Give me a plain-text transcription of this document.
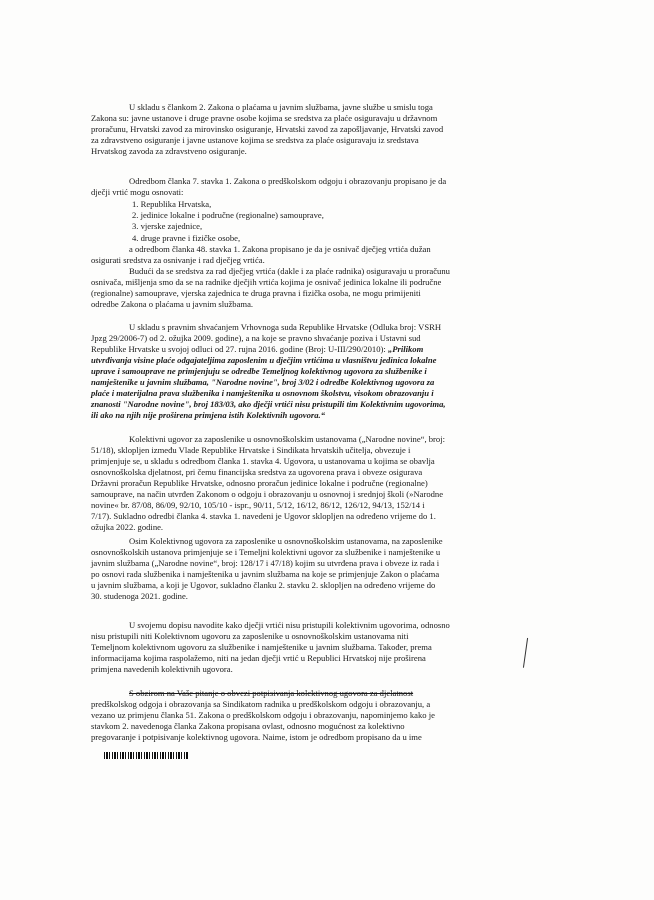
U skladu s člankom 2. Zakona o plaćama u javnim službama, javne službe u smislu toga
Zakona su: javne ustanove i druge pravne osobe kojima se sredstva za plaće osiguravaju u državnom
proračunu, Hrvatski zavod za mirovinsko osiguranje, Hrvatski zavod za zapošljavanje, Hrvatski zavod
za zdravstveno osiguranje i javne ustanove kojima se sredstva za plaće osiguravaju iz sredstava
Hrvatskog zavoda za zdravstveno osiguranje.
Odredbom članka 7. stavka 1. Zakona o predškolskom odgoju i obrazovanju propisano je da
dječji vrtić mogu osnovati:
1. Republika Hrvatska,
2. jedinice lokalne i područne (regionalne) samouprave,
3. vjerske zajednice,
4. druge pravne i fizičke osobe,
a odredbom članka 48. stavka 1. Zakona propisano je da je osnivač dječjeg vrtića dužan
osigurati sredstva za osnivanje i rad dječjeg vrtića.
Budući da se sredstva za rad dječjeg vrtića (dakle i za plaće radnika) osiguravaju u proračunu
osnivača, mišljenja smo da se na radnike dječjih vrtića kojima je osnivač jedinica lokalne ili područne
(regionalne) samouprave, vjerska zajednica te druga pravna i fizička osoba, ne mogu primijeniti
odredbe Zakona o plaćama u javnim službama.
U skladu s pravnim shvaćanjem Vrhovnoga suda Republike Hrvatske (Odluka broj: VSRH
Jpzg 29/2006-7) od 2. ožujka 2009. godine), a na koje se pravno shvaćanje poziva i Ustavni sud
Republike Hrvatske u svojoj odluci od 27. rujna 2016. godine (Broj: U-III/290/2010): „Prilikom
utvrđivanja visine plaće odgajateljima zaposlenim u dječjim vrtićima u vlasništvu jedinica lokalne
uprave i samouprave ne primjenjuju se odredbe Temeljnog kolektivnog ugovora za službenike i
namještenike u javnim službama, "Narodne novine", broj 3/02 i odredbe Kolektivnog ugovora za
plaće i materijalna prava službenika i namještenika u osnovnom školstvu, visokom obrazovanju i
znanosti "Narodne novine", broj 183/03, ako dječji vrtići nisu pristupili tim Kolektivnim ugovorima,
ili ako na njih nije proširena primjena istih Kolektivnih ugovora.“
Kolektivni ugovor za zaposlenike u osnovnoškolskim ustanovama („Narodne novine“, broj:
51/18), sklopljen između Vlade Republike Hrvatske i Sindikata hrvatskih učitelja, obvezuje i
primjenjuje se, u skladu s odredbom članka 1. stavka 4. Ugovora, u ustanovama u kojima se obavlja
osnovnoškolska djelatnost, pri čemu financijska sredstva za ugovorena prava i obveze osigurava
Državni proračun Republike Hrvatske, odnosno proračun jedinice lokalne i područne (regionalne)
samouprave, na način utvrđen Zakonom o odgoju i obrazovanju u osnovnoj i srednjoj školi (»Narodne
novine« br. 87/08, 86/09, 92/10, 105/10 - ispr., 90/11, 5/12, 16/12, 86/12, 126/12, 94/13, 152/14 i
7/17). Sukladno odredbi članka 4. stavka 1. navedeni je Ugovor sklopljen na određeno vrijeme do 1.
ožujka 2022. godine.
Osim Kolektivnog ugovora za zaposlenike u osnovnoškolskim ustanovama, na zaposlenike
osnovnoškolskih ustanova primjenjuje se i Temeljni kolektivni ugovor za službenike i namještenike u
javnim službama („Narodne novine“, broj: 128/17 i 47/18) kojim su utvrđena prava i obveze iz rada i
po osnovi rada službenika i namještenika u javnim službama na koje se primjenjuje Zakon o plaćama
u javnim službama, a koji je Ugovor, sukladno članku 2. stavku 2. sklopljen na određeno vrijeme do
30. studenoga 2021. godine.
U svojemu dopisu navodite kako dječji vrtići nisu pristupili kolektivnim ugovorima, odnosno
nisu pristupili niti Kolektivnom ugovoru za zaposlenike u osnovnoškolskim ustanovama niti
Temeljnom kolektivnom ugovoru za službenike i namještenike u javnim službama. Također, prema
informacijama kojima raspolažemo, niti na jedan dječji vrtić u Republici Hrvatskoj nije proširena
primjena navedenih kolektivnih ugovora.
S obzirom na Vaše pitanje o obvezi potpisivanja kolektivnog ugovora za djelatnost
predškolskog odgoja i obrazovanja sa Sindikatom radnika u predškolskom odgoju i obrazovanju, a
vezano uz primjenu članka 51. Zakona o predškolskom odgoju i obrazovanju, napominjemo kako je
stavkom 2. navedenoga članka Zakona propisana ovlast, odnosno mogućnost za kolektivno
pregovaranje i potpisivanje kolektivnog ugovora. Naime, istom je odredbom propisano da u ime
